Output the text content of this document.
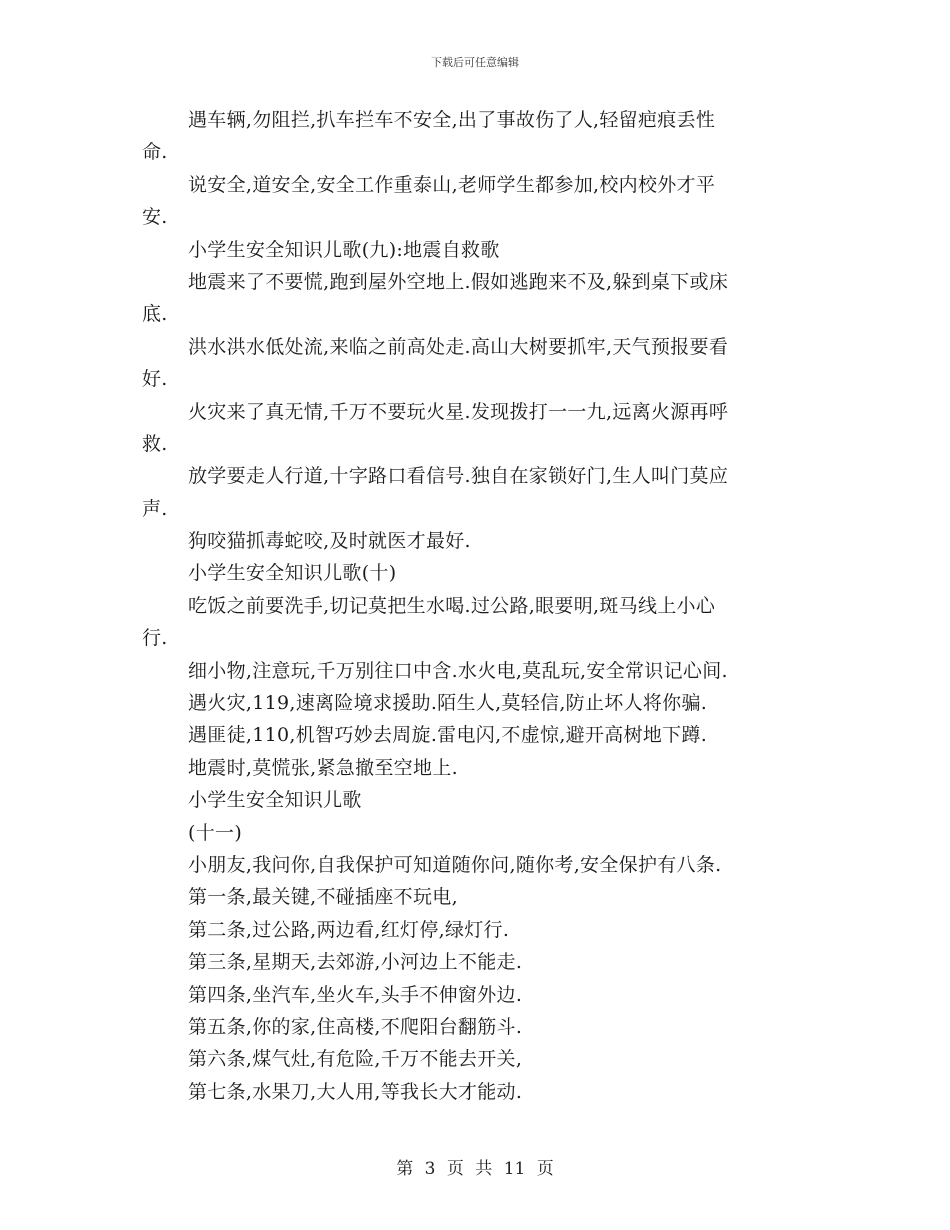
下载后可任意编辑
遇车辆,勿阻拦,扒车拦车不安全,出了事故伤了人,轻留疤痕丢性
命.
说安全,道安全,安全工作重泰山,老师学生都参加,校内校外才平
安.
小学生安全知识儿歌(九):地震自救歌
地震来了不要慌,跑到屋外空地上.假如逃跑来不及,躲到桌下或床
底.
洪水洪水低处流,来临之前高处走.高山大树要抓牢,天气预报要看
好.
火灾来了真无情,千万不要玩火星.发现拨打一一九,远离火源再呼
救.
放学要走人行道,十字路口看信号.独自在家锁好门,生人叫门莫应
声.
狗咬猫抓毒蛇咬,及时就医才最好.
小学生安全知识儿歌(十)
吃饭之前要洗手,切记莫把生水喝.过公路,眼要明,斑马线上小心
行.
细小物,注意玩,千万别往口中含.水火电,莫乱玩,安全常识记心间.
遇火灾,119,速离险境求援助.陌生人,莫轻信,防止坏人将你骗.
遇匪徒,110,机智巧妙去周旋.雷电闪,不虚惊,避开高树地下蹲.
地震时,莫慌张,紧急撤至空地上.
小学生安全知识儿歌
(十一)
小朋友,我问你,自我保护可知道随你问,随你考,安全保护有八条.
第一条,最关键,不碰插座不玩电,
第二条,过公路,两边看,红灯停,绿灯行.
第三条,星期天,去郊游,小河边上不能走.
第四条,坐汽车,坐火车,头手不伸窗外边.
第五条,你的家,住高楼,不爬阳台翻筋斗.
第六条,煤气灶,有危险,千万不能去开关,
第七条,水果刀,大人用,等我长大才能动.
第 3 页 共 11 页
